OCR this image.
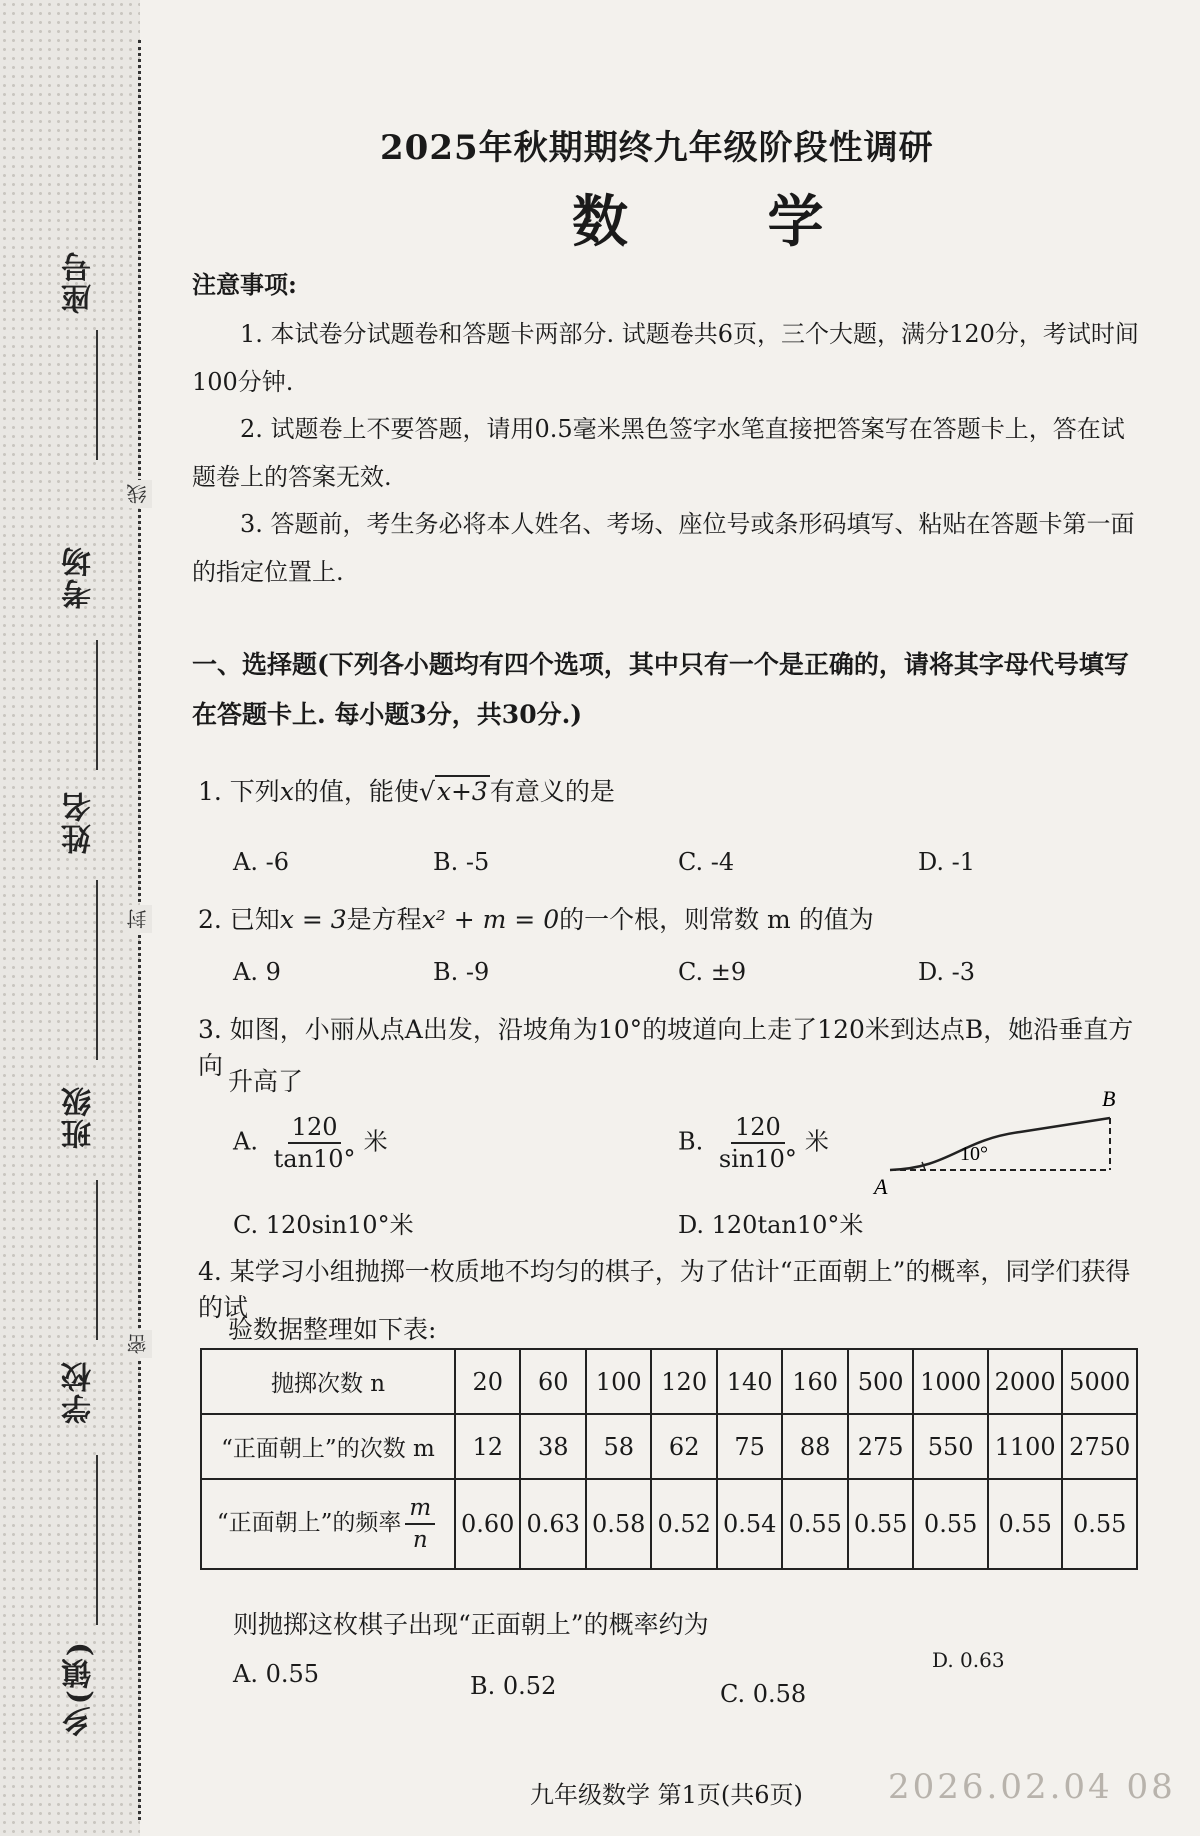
座号
考场
姓名
班级
学校
乡(镇)
线
封
密
2025年秋期期终九年级阶段性调研
数 学
注意事项:
1. 本试卷分试题卷和答题卡两部分. 试题卷共6页，三个大题，满分120分，考试时间100分钟.
2. 试题卷上不要答题，请用0.5毫米黑色签字水笔直接把答案写在答题卡上，答在试题卷上的答案无效.
3. 答题前，考生务必将本人姓名、考场、座位号或条形码填写、粘贴在答题卡第一面的指定位置上.
一、选择题(下列各小题均有四个选项，其中只有一个是正确的，请将其字母代号填写在答题卡上. 每小题3分，共30分.)
1. 下列x的值，能使√x+3有意义的是
A. -6	B. -5	C. -4	D. -1
2. 已知x = 3是方程x² + m = 0的一个根，则常数 m 的值为
A. 9	B. -9	C. ±9	D. -3
3. 如图，小丽从点A出发，沿坡角为10°的坡道向上走了120米到达点B，她沿垂直方向
升高了
A. $\frac{120}{\tan 10^\circ}$ 米	B. $\frac{120}{\sin 10^\circ}$ 米
C. 120sin10°米	D. 120tan10°米
A
B
10°
4. 某学习小组抛掷一枚质地不均匀的棋子，为了估计“正面朝上”的概率，同学们获得的试
验数据整理如下表:
抛掷次数 n	20	60	100	120	140	160	500	1000	2000	5000
“正面朝上”的次数 m	12	38	58	62	75	88	275	550	1100	2750
“正面朝上”的频率 $\frac{m}{n}$	0.60	0.63	0.58	0.52	0.54	0.55	0.55	0.55	0.55	0.55
则抛掷这枚棋子出现“正面朝上”的概率约为
A. 0.55	B. 0.52	C. 0.58
D. 0.63
九年级数学 第1页(共6页)	2026.02.04 08
